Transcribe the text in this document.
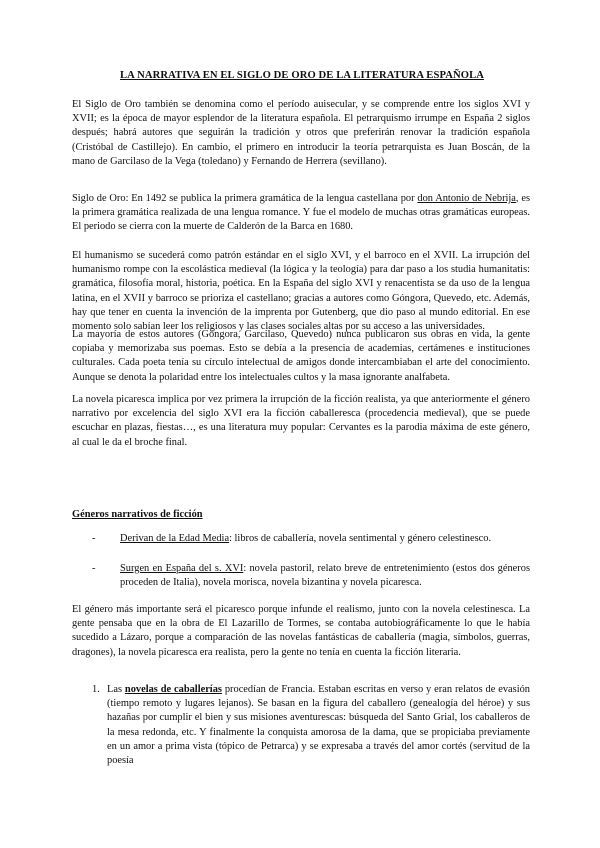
LA NARRATIVA EN EL SIGLO DE ORO DE LA LITERATURA ESPAÑOLA

El Siglo de Oro también se denomina como el período auisecular, y se comprende entre los siglos XVI y XVII; es la época de mayor esplendor de la literatura española. El petrarquismo irrumpe en España 2 siglos después; habrá autores que seguirán la tradición y otros que preferirán renovar la tradición española (Cristóbal de Castillejo). En cambio, el primero en introducir la teoría petrarquista es Juan Boscán, de la mano de Garcilaso de la Vega (toledano) y Fernando de Herrera (sevillano).

Siglo de Oro: En 1492 se publica la primera gramática de la lengua castellana por don Antonio de Nebrija, es la primera gramática realizada de una lengua romance. Y fue el modelo de muchas otras gramáticas europeas. El periodo se cierra con la muerte de Calderón de la Barca en 1680.

El humanismo se sucederá como patrón estándar en el siglo XVI, y el barroco en el XVII. La irrupción del humanismo rompe con la escolástica medieval (la lógica y la teología) para dar paso a los studia humanitatis: gramática, filosofía moral, historia, poética. En la España del siglo XVI y renacentista se da uso de la lengua latina, en el XVII y barroco se prioriza el castellano; gracias a autores como Góngora, Quevedo, etc. Además, hay que tener en cuenta la invención de la imprenta por Gutenberg, que dio paso al mundo editorial. En ese momento solo sabían leer los religiosos y las clases sociales altas por su acceso a las universidades.

La mayoría de estos autores (Góngora, Garcilaso, Quevedo) nunca publicaron sus obras en vida, la gente copiaba y memorizaba sus poemas. Esto se debía a la presencia de academias, certámenes e instituciones culturales. Cada poeta tenía su círculo intelectual de amigos donde intercambiaban el arte del conocimiento. Aunque se denota la polaridad entre los intelectuales cultos y la masa ignorante analfabeta.

La novela picaresca implica por vez primera la irrupción de la ficción realista, ya que anteriormente el género narrativo por excelencia del siglo XVI era la ficción caballeresca (procedencia medieval), que se puede escuchar en plazas, fiestas…, es una literatura muy popular: Cervantes es la parodia máxima de este género, al cual le da el broche final.

Géneros narrativos de ficción
- Derivan de la Edad Media: libros de caballería, novela sentimental y género celestinesco.

- Surgen en España del s. XVI: novela pastoril, relato breve de entretenimiento (estos dos géneros proceden de Italia), novela morisca, novela bizantina y novela picaresca.

El género más importante será el picaresco porque infunde el realismo, junto con la novela celestinesca. La gente pensaba que en la obra de El Lazarillo de Tormes, se contaba autobiográficamente lo que le había sucedido a Lázaro, porque a comparación de las novelas fantásticas de caballería (magia, símbolos, guerras, dragones), la novela picaresca era realista, pero la gente no tenía en cuenta la ficción literaria.

1. Las novelas de caballerías procedían de Francia. Estaban escritas en verso y eran relatos de evasión (tiempo remoto y lugares lejanos). Se basan en la figura del caballero (genealogía del héroe) y sus hazañas por cumplir el bien y sus misiones aventurescas: búsqueda del Santo Grial, los caballeros de la mesa redonda, etc. Y finalmente la conquista amorosa de la dama, que se propiciaba previamente en un amor a prima vista (tópico de Petrarca) y se expresaba a través del amor cortés (servitud de la poesía
